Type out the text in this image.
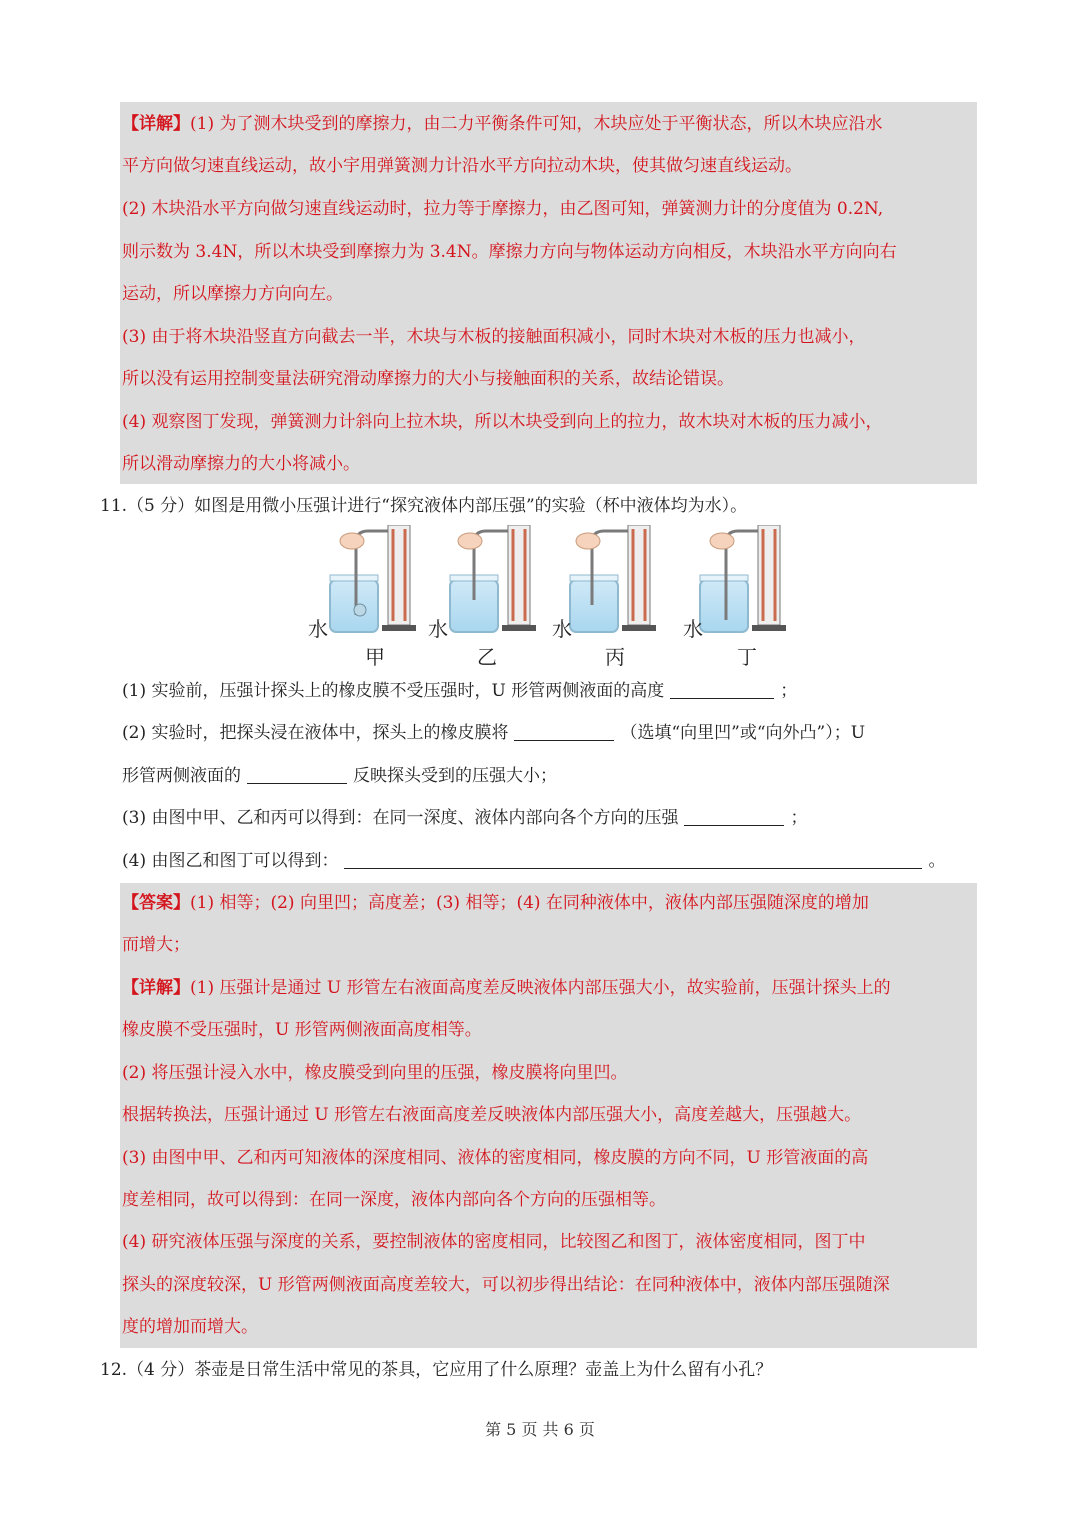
【详解】(1) 为了测木块受到的摩擦力，由二力平衡条件可知，木块应处于平衡状态，所以木块应沿水
平方向做匀速直线运动，故小宇用弹簧测力计沿水平方向拉动木块，使其做匀速直线运动。
(2) 木块沿水平方向做匀速直线运动时，拉力等于摩擦力，由乙图可知，弹簧测力计的分度值为 0.2N,
则示数为 3.4N，所以木块受到摩擦力为 3.4N。摩擦力方向与物体运动方向相反，木块沿水平方向向右
运动，所以摩擦力方向向左。
(3) 由于将木块沿竖直方向截去一半，木块与木板的接触面积减小，同时木块对木板的压力也减小，
所以没有运用控制变量法研究滑动摩擦力的大小与接触面积的关系，故结论错误。
(4) 观察图丁发现，弹簧测力计斜向上拉木块，所以木块受到向上的拉力，故木块对木板的压力减小，
所以滑动摩擦力的大小将减小。
11.（5 分）如图是用微小压强计进行“探究液体内部压强”的实验（杯中液体均为水）。
水	水	水	水
甲	乙	丙	丁
(1) 实验前，压强计探头上的橡皮膜不受压强时，U 形管两侧液面的高度	；
(2) 实验时，把探头浸在液体中，探头上的橡皮膜将	（选填“向里凹”或“向外凸”）；U
形管两侧液面的	反映探头受到的压强大小；
(3) 由图中甲、乙和丙可以得到：在同一深度、液体内部向各个方向的压强	；
(4) 由图乙和图丁可以得到：	。
【答案】(1) 相等；(2) 向里凹；高度差；(3) 相等；(4) 在同种液体中，液体内部压强随深度的增加
而增大；
【详解】(1) 压强计是通过 U 形管左右液面高度差反映液体内部压强大小，故实验前，压强计探头上的
橡皮膜不受压强时，U 形管两侧液面高度相等。
(2) 将压强计浸入水中，橡皮膜受到向里的压强，橡皮膜将向里凹。
根据转换法，压强计通过 U 形管左右液面高度差反映液体内部压强大小，高度差越大，压强越大。
(3) 由图中甲、乙和丙可知液体的深度相同、液体的密度相同，橡皮膜的方向不同，U 形管液面的高
度差相同，故可以得到：在同一深度，液体内部向各个方向的压强相等。
(4) 研究液体压强与深度的关系，要控制液体的密度相同，比较图乙和图丁，液体密度相同，图丁中
探头的深度较深，U 形管两侧液面高度差较大，可以初步得出结论：在同种液体中，液体内部压强随深
度的增加而增大。
12.（4 分）茶壶是日常生活中常见的茶具，它应用了什么原理？壶盖上为什么留有小孔？
第 5 页 共 6 页
